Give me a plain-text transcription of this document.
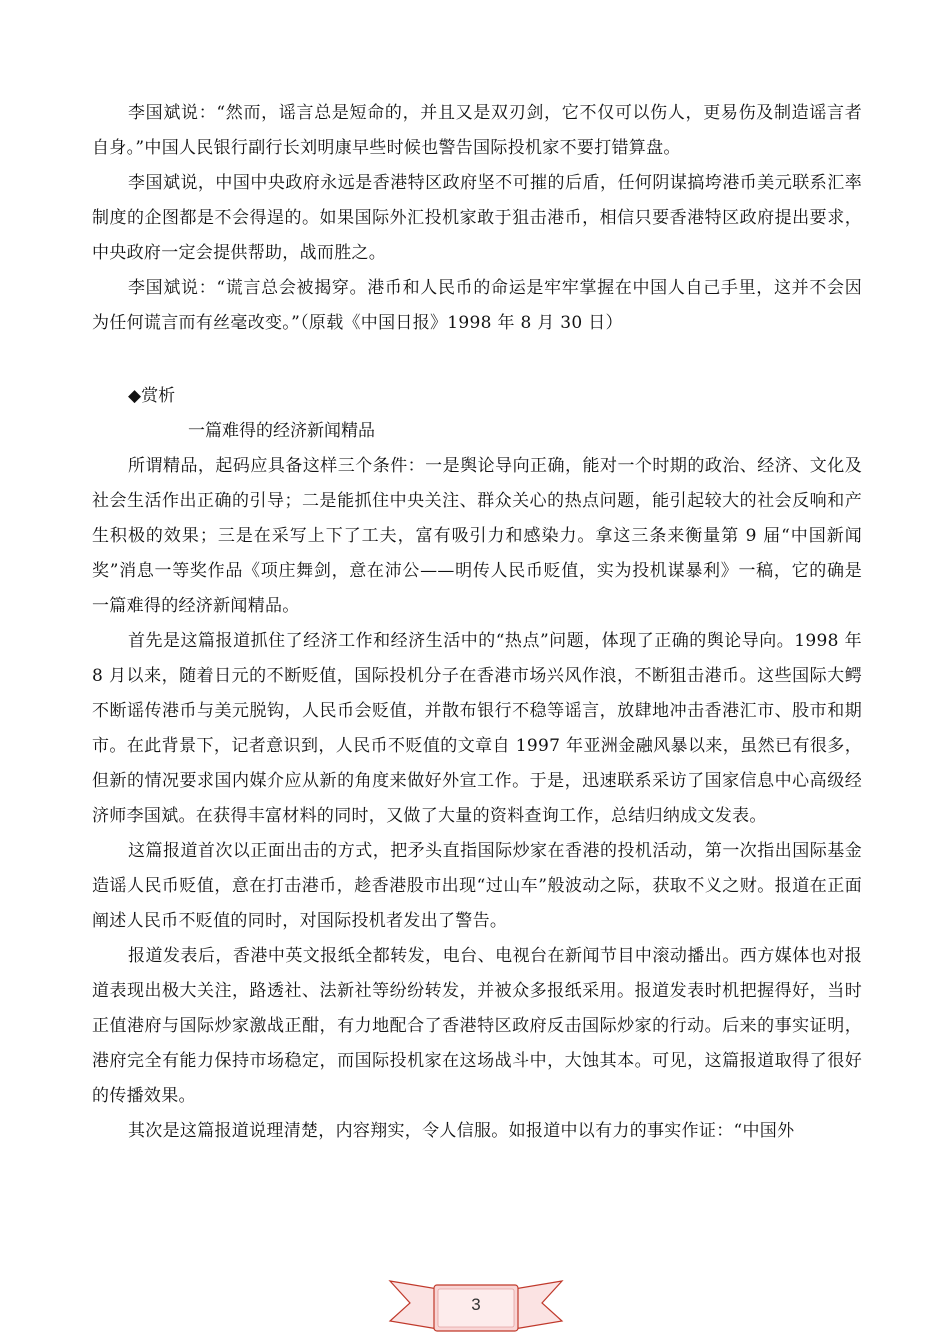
李国斌说：“然而，谣言总是短命的，并且又是双刃剑，它不仅可以伤人，更易伤及制造谣言者自身。”中国人民银行副行长刘明康早些时候也警告国际投机家不要打错算盘。

李国斌说，中国中央政府永远是香港特区政府坚不可摧的后盾，任何阴谋搞垮港币美元联系汇率制度的企图都是不会得逞的。如果国际外汇投机家敢于狙击港币，相信只要香港特区政府提出要求，中央政府一定会提供帮助，战而胜之。

李国斌说：“谎言总会被揭穿。港币和人民币的命运是牢牢掌握在中国人自己手里，这并不会因为任何谎言而有丝毫改变。”（原载《中国日报》1998 年 8 月 30 日）

◆赏析

一篇难得的经济新闻精品

所谓精品，起码应具备这样三个条件：一是舆论导向正确，能对一个时期的政治、经济、文化及社会生活作出正确的引导；二是能抓住中央关注、群众关心的热点问题，能引起较大的社会反响和产生积极的效果；三是在采写上下了工夫，富有吸引力和感染力。拿这三条来衡量第 9 届“中国新闻奖”消息一等奖作品《项庄舞剑，意在沛公——明传人民币贬值，实为投机谋暴利》一稿，它的确是一篇难得的经济新闻精品。

首先是这篇报道抓住了经济工作和经济生活中的“热点”问题，体现了正确的舆论导向。1998 年 8 月以来，随着日元的不断贬值，国际投机分子在香港市场兴风作浪，不断狙击港币。这些国际大鳄不断谣传港币与美元脱钩，人民币会贬值，并散布银行不稳等谣言，放肆地冲击香港汇市、股市和期市。在此背景下，记者意识到，人民币不贬值的文章自 1997 年亚洲金融风暴以来，虽然已有很多，但新的情况要求国内媒介应从新的角度来做好外宣工作。于是，迅速联系采访了国家信息中心高级经济师李国斌。在获得丰富材料的同时，又做了大量的资料查询工作，总结归纳成文发表。

这篇报道首次以正面出击的方式，把矛头直指国际炒家在香港的投机活动，第一次指出国际基金造谣人民币贬值，意在打击港币，趁香港股市出现“过山车”般波动之际，获取不义之财。报道在正面阐述人民币不贬值的同时，对国际投机者发出了警告。

报道发表后，香港中英文报纸全都转发，电台、电视台在新闻节目中滚动播出。西方媒体也对报道表现出极大关注，路透社、法新社等纷纷转发，并被众多报纸采用。报道发表时机把握得好，当时正值港府与国际炒家激战正酣，有力地配合了香港特区政府反击国际炒家的行动。后来的事实证明，港府完全有能力保持市场稳定，而国际投机家在这场战斗中，大蚀其本。可见，这篇报道取得了很好的传播效果。

其次是这篇报道说理清楚，内容翔实，令人信服。如报道中以有力的事实作证：“中国外

3
